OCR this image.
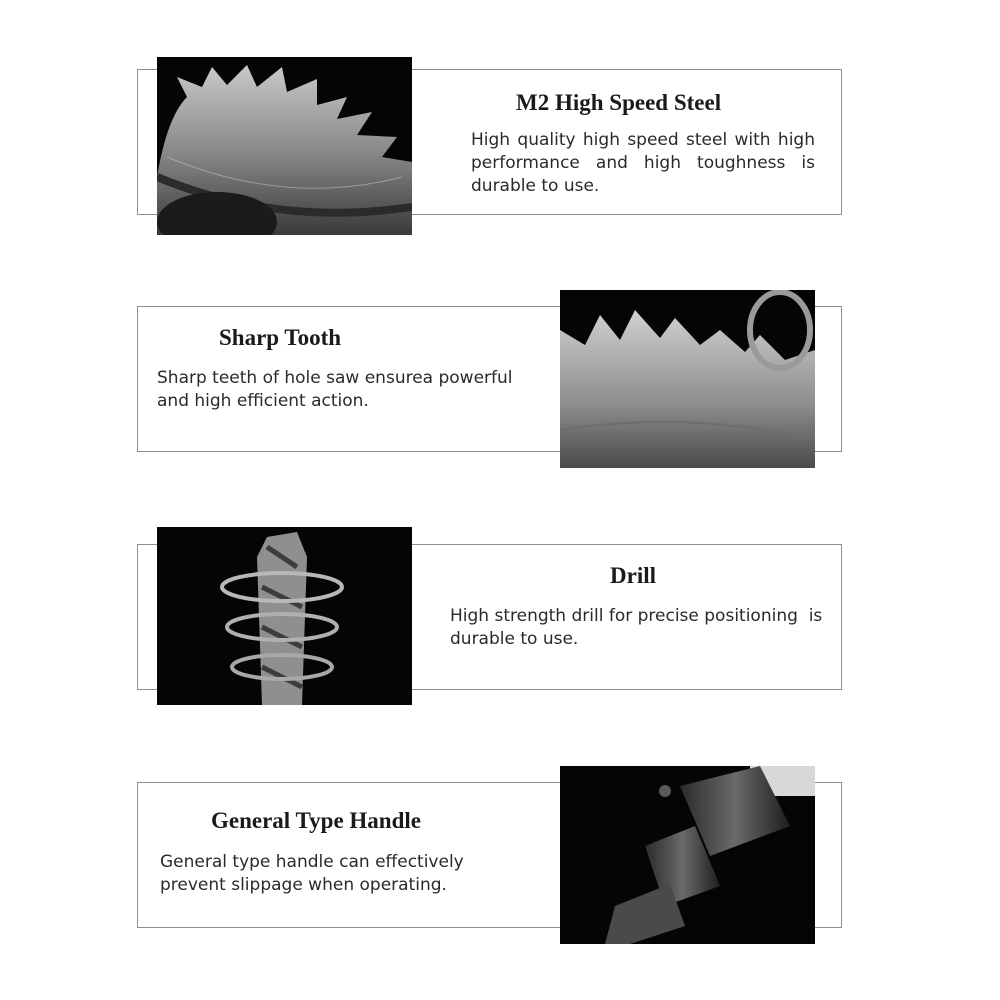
M2 High Speed Steel
High quality high speed steel with high performance and high toughness is durable to use.
Sharp Tooth
Sharp teeth of hole saw ensurea powerful and high efficient action.
Drill
High strength drill for precise positioning  is durable to use.
General Type Handle
General type handle can effectively prevent slippage when operating.
